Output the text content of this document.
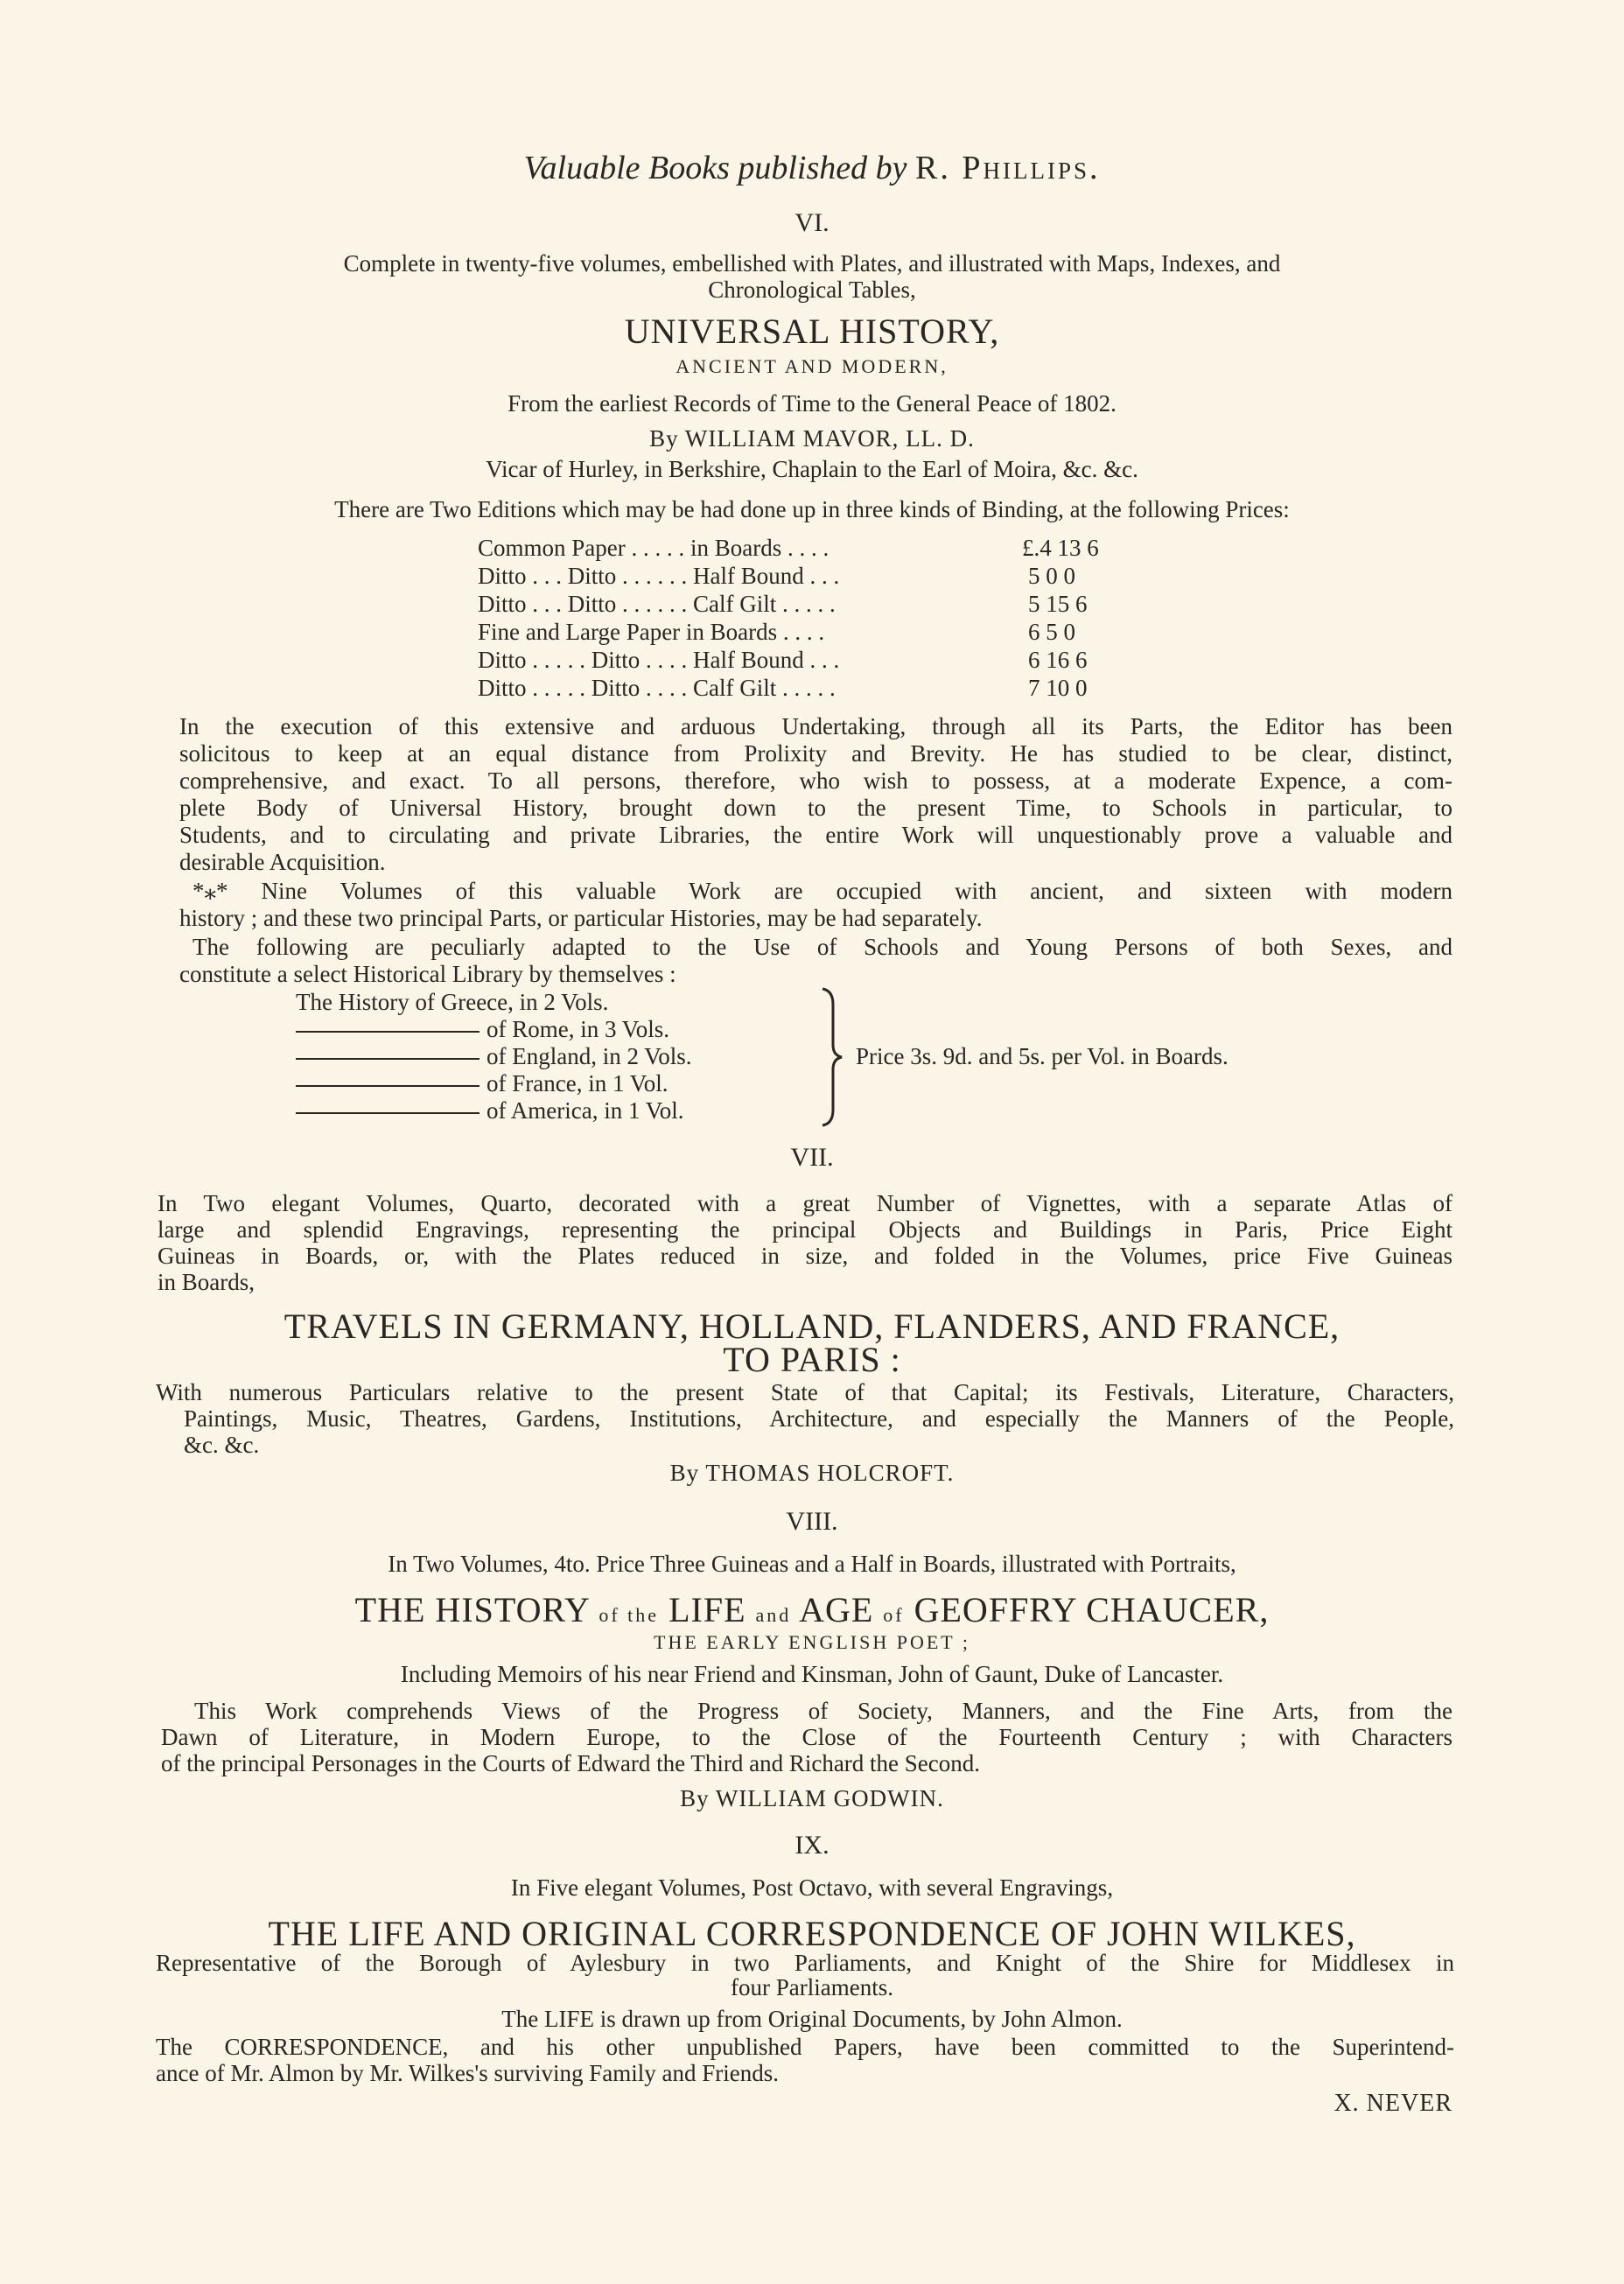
Valuable Books published by R. Phillips.
VI.
Complete in twenty-five volumes, embellished with Plates, and illustrated with Maps, Indexes, and
Chronological Tables,
UNIVERSAL HISTORY,
ANCIENT AND MODERN,
From the earliest Records of Time to the General Peace of 1802.
By WILLIAM MAVOR, LL. D.
Vicar of Hurley, in Berkshire, Chaplain to the Earl of Moira, &c. &c.
There are Two Editions which may be had done up in three kinds of Binding, at the following Prices:
Common Paper . . . . . in Boards . . . .	£.4 13 6
Ditto . . . Ditto . . . . . . Half Bound . . .	5 0 0
Ditto . . . Ditto . . . . . . Calf Gilt . . . . .	5 15 6
Fine and Large Paper in Boards . . . .	6 5 0
Ditto . . . . . Ditto . . . . Half Bound . . .	6 16 6
Ditto . . . . . Ditto . . . . Calf Gilt . . . . .	7 10 0
In the execution of this extensive and arduous Undertaking, through all its Parts, the Editor has been
solicitous to keep at an equal distance from Prolixity and Brevity. He has studied to be clear, distinct,
comprehensive, and exact. To all persons, therefore, who wish to possess, at a moderate Expence, a com-
plete Body of Universal History, brought down to the present Time, to Schools in particular, to
Students, and to circulating and private Libraries, the entire Work will unquestionably prove a valuable and
desirable Acquisition.
*⁎* Nine Volumes of this valuable Work are occupied with ancient, and sixteen with modern
history ; and these two principal Parts, or particular Histories, may be had separately.
The following are peculiarly adapted to the Use of Schools and Young Persons of both Sexes, and
constitute a select Historical Library by themselves :
The History of Greece, in 2 Vols.
of Rome, in 3 Vols.
of England, in 2 Vols.
of France, in 1 Vol.
of America, in 1 Vol.
Price 3s. 9d. and 5s. per Vol. in Boards.
VII.
In Two elegant Volumes, Quarto, decorated with a great Number of Vignettes, with a separate Atlas of
large and splendid Engravings, representing the principal Objects and Buildings in Paris, Price Eight
Guineas in Boards, or, with the Plates reduced in size, and folded in the Volumes, price Five Guineas
in Boards,
TRAVELS IN GERMANY, HOLLAND, FLANDERS, AND FRANCE,
TO PARIS :
With numerous Particulars relative to the present State of that Capital; its Festivals, Literature, Characters,
Paintings, Music, Theatres, Gardens, Institutions, Architecture, and especially the Manners of the People,
&c. &c.
By THOMAS HOLCROFT.
VIII.
In Two Volumes, 4to. Price Three Guineas and a Half in Boards, illustrated with Portraits,
THE HISTORY of the LIFE and AGE of GEOFFRY CHAUCER,
THE EARLY ENGLISH POET ;
Including Memoirs of his near Friend and Kinsman, John of Gaunt, Duke of Lancaster.
This Work comprehends Views of the Progress of Society, Manners, and the Fine Arts, from the
Dawn of Literature, in Modern Europe, to the Close of the Fourteenth Century ; with Characters
of the principal Personages in the Courts of Edward the Third and Richard the Second.
By WILLIAM GODWIN.
IX.
In Five elegant Volumes, Post Octavo, with several Engravings,
THE LIFE AND ORIGINAL CORRESPONDENCE OF JOHN WILKES,
Representative of the Borough of Aylesbury in two Parliaments, and Knight of the Shire for Middlesex in
four Parliaments.
The LIFE is drawn up from Original Documents, by John Almon.
The CORRESPONDENCE, and his other unpublished Papers, have been committed to the Superintend-
ance of Mr. Almon by Mr. Wilkes's surviving Family and Friends.
X. NEVER
